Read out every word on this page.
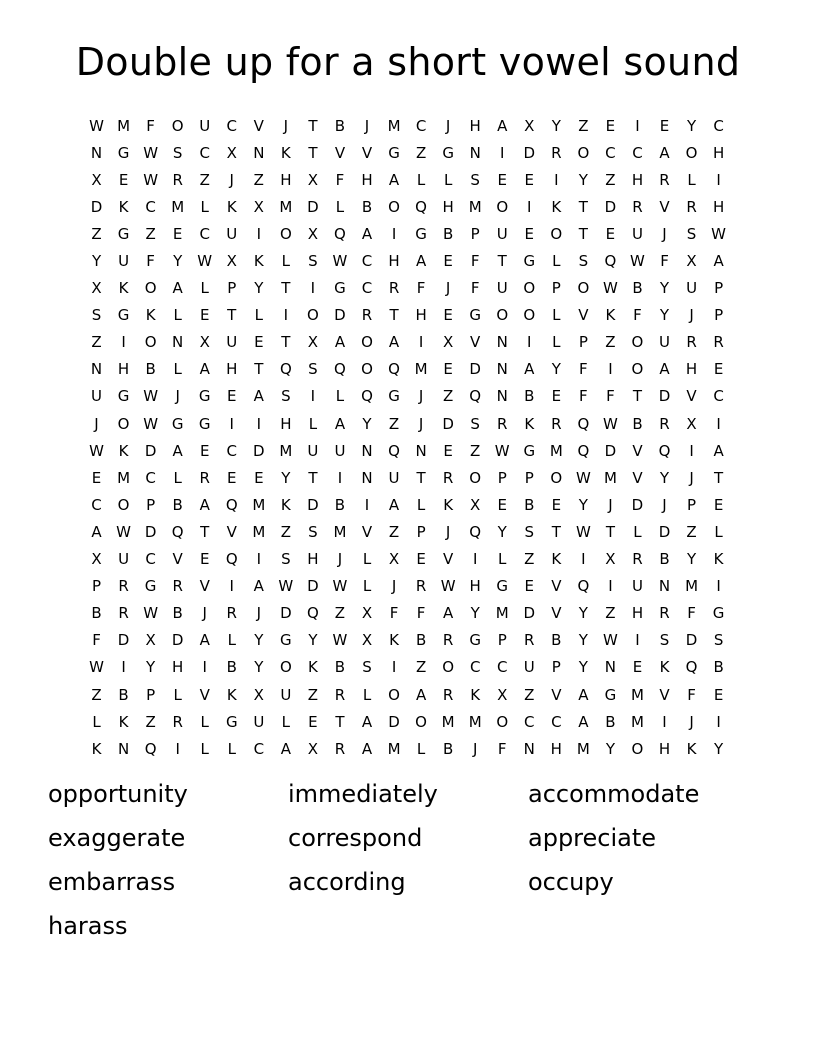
Double up for a short vowel sound
W M	F	O	U	C	V	J	T	B	J	M	C	J	H	A	X	Y	Z	E	I	E	Y	C
N	G W S	C	X	N	K	T	V	V	G	Z	G	N	I	D	R	O	C	C	A	O	H
X	E W R	Z	J	Z	H	X	F	H	A	L	L	S	E	E	I	Y	Z	H	R	L	I
D	K	C	M	L	K	X	M D	L	B	O	Q	H M O	I	K	T	D	R	V	R	H
Z	G	Z	E	C	U	I	O	X	Q	A	I	G	B	P	U	E	O	T	E	U	J	S W
Y	U	F	Y	W X	K	L	S W C	H	A	E	F	T	G	L	S	Q W	F	X	A
X	K	O	A	L	P	Y	T	I	G	C	R	F	J	F	U	O	P	O W B	Y	U	P
S	G	K	L	E	T	L	I	O	D	R	T	H	E	G	O	O	L	V	K	F	Y	J	P
Z	I	O	N	X	U	E	T	X	A	O	A	I	X	V	N	I	L	P	Z	O	U	R	R
N	H	B	L	A	H	T	Q	S	Q	O	Q M	E	D	N	A	Y	F	I	O	A	H	E
U	G W	J	G	E	A	S	I	L	Q	G	J	Z	Q	N	B	E	F	F	T	D	V	C
J	O W G	G	I	I	H	L	A	Y	Z	J	D	S	R	K	R	Q W B	R	X	I
W K	D	A	E	C	D M	U	U	N	Q	N	E	Z W G M Q	D	V	Q	I	A
E	M	C	L	R	E	E	Y	T	I	N	U	T	R	O	P	P	O W M	V	Y	J	T
C	O	P	B	A	Q M	K	D	B	I	A	L	K	X	E	B	E	Y	J	D	J	P	E
A W D	Q	T	V	M	Z	S	M	V	Z	P	J	Q	Y	S	T	W	T	L	D	Z	L
X	U	C	V	E	Q	I	S	H	J	L	X	E	V	I	L	Z	K	I	X	R	B	Y	K
P	R	G	R	V	I	A W D W	L	J	R W H	G	E	V	Q	I	U	N M	I
B	R W B	J	R	J	D	Q	Z	X	F	F	A	Y	M D	V	Y	Z	H	R	F	G
F	D	X	D	A	L	Y	G	Y	W X	K	B	R	G	P	R	B	Y	W	I	S	D	S
W	I	Y	H	I	B	Y	O	K	B	S	I	Z	O	C	C	U	P	Y	N	E	K	Q	B
Z	B	P	L	V	K	X	U	Z	R	L	O	A	R	K	X	Z	V	A	G M	V	F	E
L	K	Z	R	L	G	U	L	E	T	A	D	O M M O	C	C	A	B	M	I	J	I
K	N	Q	I	L	L	C	A	X	R	A	M	L	B	J	F	N	H M	Y	O	H	K	Y
opportunity	immediately	accommodate
exaggerate	correspond	appreciate
embarrass	according	occupy
harass
